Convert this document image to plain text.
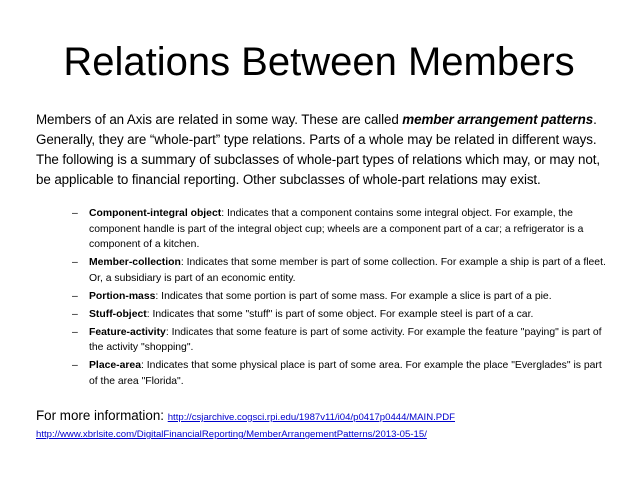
Relations Between Members
Members of an Axis are related in some way. These are called member arrangement patterns. Generally, they are “whole-part” type relations. Parts of a whole may be related in different ways. The following is a summary of subclasses of whole-part types of relations which may, or may not, be applicable to financial reporting. Other subclasses of whole-part relations may exist.
– Component-integral object: Indicates that a component contains some integral object. For example, the component handle is part of the integral object cup; wheels are a component part of a car; a refrigerator is a component of a kitchen.
– Member-collection: Indicates that some member is part of some collection. For example a ship is part of a fleet. Or, a subsidiary is part of an economic entity.
– Portion-mass: Indicates that some portion is part of some mass. For example a slice is part of a pie.
– Stuff-object: Indicates that some "stuff" is part of some object. For example steel is part of a car.
– Feature-activity: Indicates that some feature is part of some activity. For example the feature "paying" is part of the activity "shopping".
– Place-area: Indicates that some physical place is part of some area. For example the place "Everglades" is part of the area "Florida".
For more information: http://csjarchive.cogsci.rpi.edu/1987v11/i04/p0417p0444/MAIN.PDF
http://www.xbrlsite.com/DigitalFinancialReporting/MemberArrangementPatterns/2013-05-15/
